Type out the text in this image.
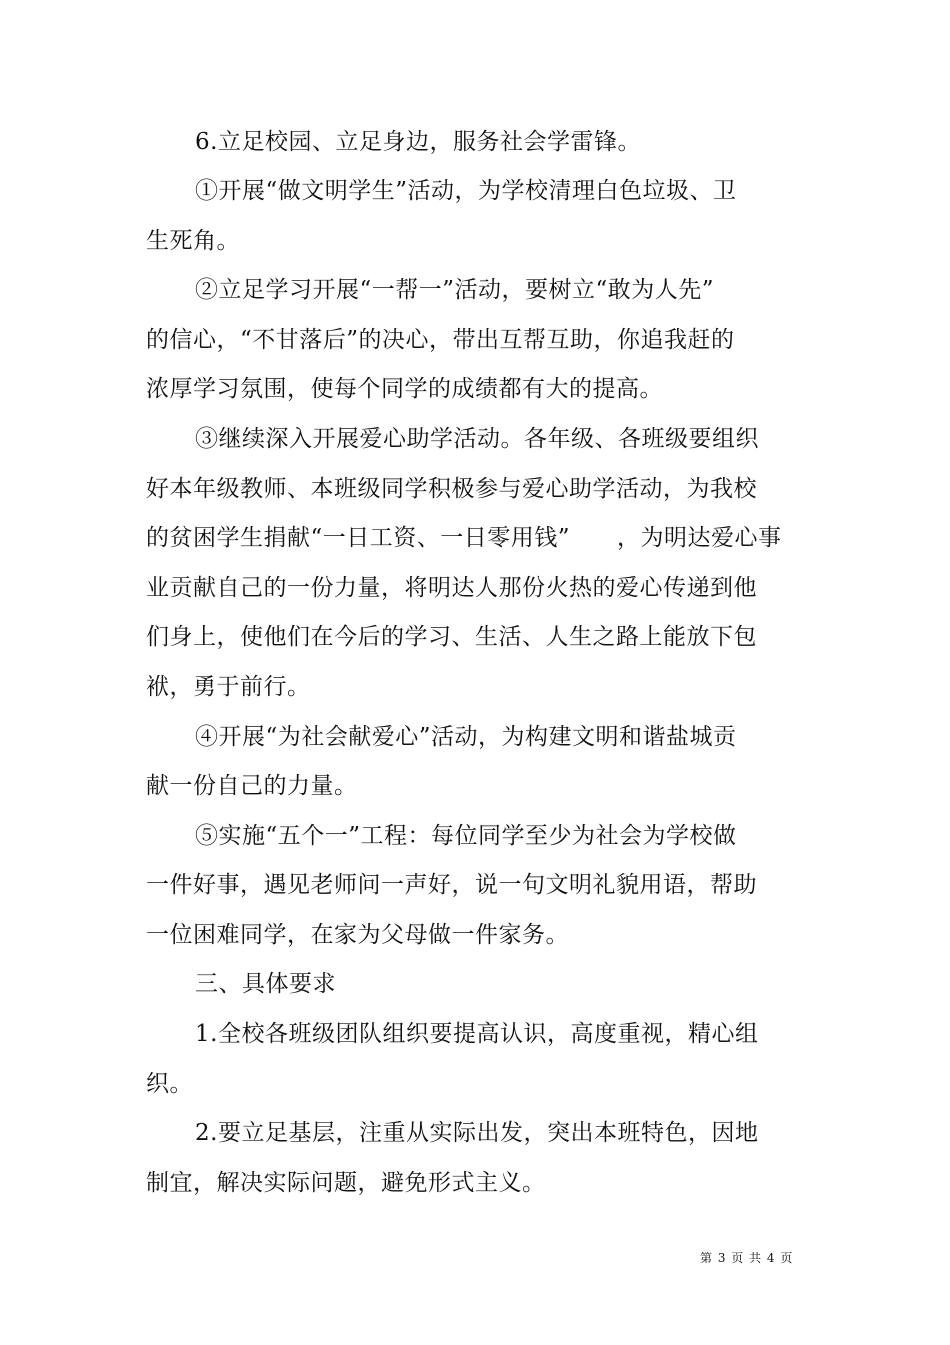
6.立足校园、立足身边，服务社会学雷锋。
①开展“做文明学生”活动，为学校清理白色垃圾、卫
生死角。
②立足学习开展“一帮一”活动，要树立“敢为人先”
的信心，“不甘落后”的决心，带出互帮互助，你追我赶的
浓厚学习氛围，使每个同学的成绩都有大的提高。
③继续深入开展爱心助学活动。各年级、各班级要组织
好本年级教师、本班级同学积极参与爱心助学活动，为我校
的贫困学生捐献“一日工资、一日零用钱”　　，为明达爱心事
业贡献自己的一份力量，将明达人那份火热的爱心传递到他
们身上，使他们在今后的学习、生活、人生之路上能放下包
袱，勇于前行。
④开展“为社会献爱心”活动，为构建文明和谐盐城贡
献一份自己的力量。
⑤实施“五个一”工程：每位同学至少为社会为学校做
一件好事，遇见老师问一声好，说一句文明礼貌用语，帮助
一位困难同学，在家为父母做一件家务。
三、具体要求
1.全校各班级团队组织要提高认识，高度重视，精心组
织。
2.要立足基层，注重从实际出发，突出本班特色，因地
制宜，解决实际问题，避免形式主义。
第 3 页 共 4 页
